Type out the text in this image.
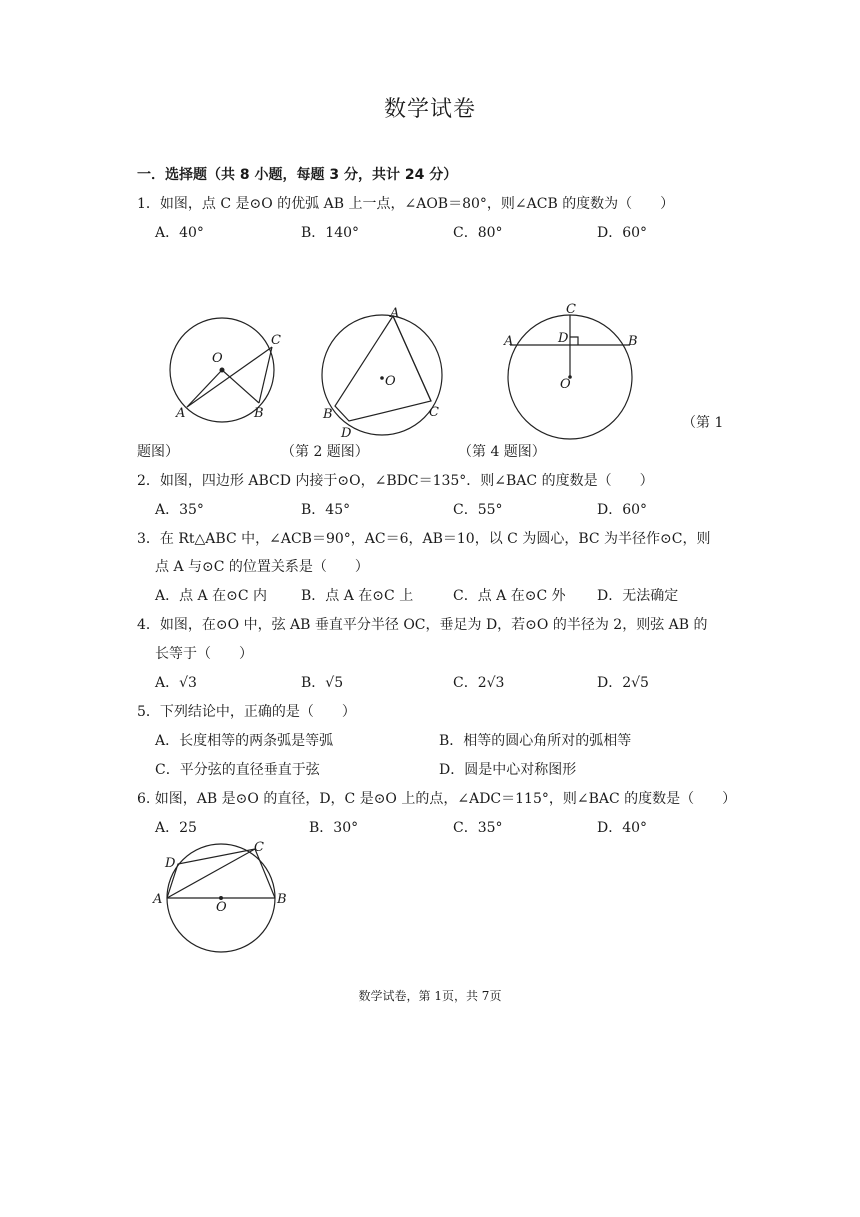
数学试卷
一．选择题（共 8 小题，每题 3 分，共计 24 分）
1．如图，点 C 是⊙O 的优弧 AB 上一点，∠AOB＝80°，则∠ACB 的度数为（　　）
A．40°	B．140°	C．80°	D．60°
O
C
A	B
A
O
B	C
D
C
A	D	B
O
（第 1
题图）	（第 2 题图）	（第 4 题图）
2．如图，四边形 ABCD 内接于⊙O，∠BDC＝135°．则∠BAC 的度数是（　　）
A．35°	B．45°	C．55°	D．60°
3．在 Rt△ABC 中，∠ACB＝90°，AC＝6，AB＝10，以 C 为圆心，BC 为半径作⊙C，则
点 A 与⊙C 的位置关系是（　　）
A．点 A 在⊙C 内 B．点 A 在⊙C 上	C．点 A 在⊙C 外 D．无法确定
4．如图，在⊙O 中，弦 AB 垂直平分半径 OC，垂足为 D，若⊙O 的半径为 2，则弦 AB 的
长等于（　　）
A．√3	B．√5	C．2√3	D．2√5
5．下列结论中，正确的是（　　）
A．长度相等的两条弧是等弧	B．相等的圆心角所对的弧相等
C．平分弦的直径垂直于弦	D．圆是中心对称图形
6. 如图，AB 是⊙O 的直径，D，C 是⊙O 上的点，∠ADC＝115°，则∠BAC 的度数是（　　）
A．25	B．30°	C．35°	D．40°
D
C
A
O
B
数学试卷，第 1页，共 7页
